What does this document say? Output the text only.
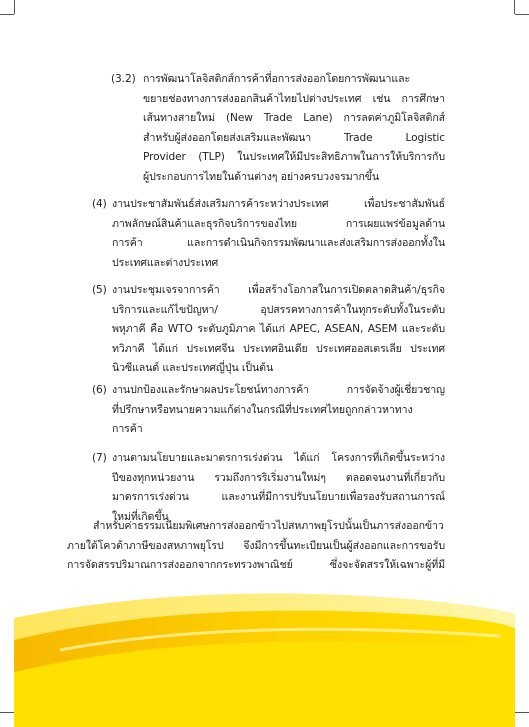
(3.2) การพัฒนาโลจิสติกส์การค้าที่อการส่งออกโดยการพัฒนาและ
ขยายช่องทางการส่งออกสินค้าไทยไปต่างประเทศ เช่น การศึกษา
เส้นทางสายใหม่ (New Trade Lane) การลดค่าภูมิโลจิสติกส์
สำหรับผู้ส่งออกโดยส่งเสริมและพัฒนา Trade Logistic
Provider (TLP) ในประเทศให้มีประสิทธิภาพในการให้บริการกับ
ผู้ประกอบการไทยในด้านต่างๆ อย่างครบวงจรมากขึ้น
(4) งานประชาสัมพันธ์ส่งเสริมการค้าระหว่างประเทศ เพื่อประชาสัมพันธ์
ภาพลักษณ์สินค้าและธุรกิจบริการของไทย การเผยแพร่ข้อมูลด้าน
การค้า และการดำเนินกิจกรรมพัฒนาและส่งเสริมการส่งออกทั้งใน
ประเทศและต่างประเทศ
(5) งานประชุมเจรจาการค้า เพื่อสร้างโอกาสในการเปิดตลาดสินค้า/ธุรกิจ
บริการและแก้ไขปัญหา/ อุปสรรคทางการค้าในทุกระดับทั้งในระดับ
พหุภาคี คือ WTO ระดับภูมิภาค ได้แก่ APEC, ASEAN, ASEM และระดับ
ทวิภาคี ได้แก่ ประเทศจีน ประเทศอินเดีย ประเทศออสเตรเลีย ประเทศ
นิวซีแลนด์ และประเทศญี่ปุ่น เป็นต้น
(6) งานปกป้องและรักษาผลประโยชน์ทางการค้า การจัดจ้างผู้เชี่ยวชาญ
ที่ปรึกษาหรือทนายความแก้ต่างในกรณีที่ประเทศไทยถูกกล่าวหาทาง
การค้า
(7) งานตามนโยบายและมาตรการเร่งด่วน ได้แก่ โครงการที่เกิดขึ้นระหว่าง
ปีของทุกหน่วยงาน รวมถึงการริเริ่มงานใหม่ๆ ตลอดจนงานที่เกี่ยวกับ
มาตรการเร่งด่วน และงานที่มีการปรับนโยบายเพื่อรองรับสถานการณ์
ใหม่ที่เกิดขึ้น
สำหรับค่าธรรมเนียมพิเศษการส่งออกข้าวไปสหภาพยุโรปนั้นเป็นภารส่งออกข้าว
ภายใต้โควต้าภาษีของสหภาพยุโรป จึงมีการขึ้นทะเบียนเป็นผู้ส่งออกและการขอรับ
การจัดสรรปริมาณการส่งออกจากกระทรวงพาณิชย์ ซึ่งจะจัดสรรให้เฉพาะผู้ที่มี
